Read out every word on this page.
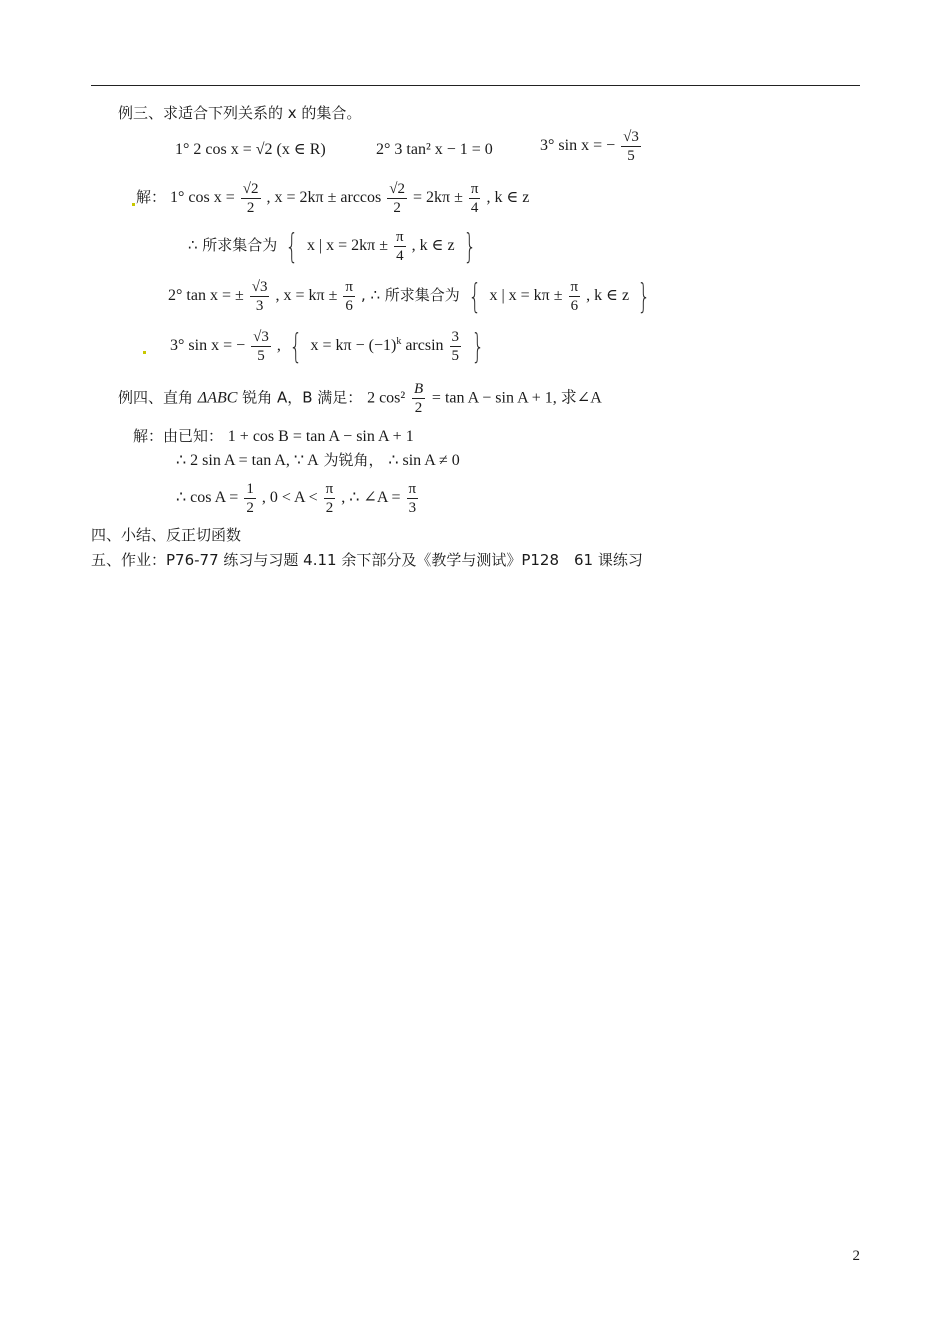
例三、求适合下列关系的 x 的集合。
1° 2 cos x = √2 (x ∈ R)	2° 3 tan² x − 1 = 0	3° sin x = − $\frac{√3}{5}$
解： 1° $\cos x = \frac{√2}{2}$ , $x = 2k\pi \pm \arccos \frac{√2}{2} = 2k\pi \pm \frac{\pi}{4}$ , k ∈ z
∴ 所求集合为 { x | $x = 2k\pi \pm \frac{\pi}{4}$ , k ∈ z }
2° tan x = ± $\frac{√3}{3}$ , $x = k\pi \pm \frac{\pi}{6}$ , ∴ 所求集合为 { x | $x = k\pi \pm \frac{\pi}{6}$ , k ∈ z }
3° sin x = − $\frac{√3}{5}$ , { $x = k\pi - (-1)^k$ $\arcsin \frac{3}{5}$ }
例四、直角 ΔABC 锐角 A，B 满足： 2 $\cos^2 \frac{B}{2} = \tan A - \sin A + 1$, 求∠A
解：由已知： 1 + cos B = tan A − sin A + 1
∴ 2 sin A = tan A, ∵ A 为锐角， ∴ sin A ≠ 0
∴ $\cos A = \frac{1}{2}$ , $0 < A < \frac{\pi}{2}$ , ∴ ∠A = $\frac{\pi}{3}$
四、小结、反正切函数
五、作业：P76-77 练习与习题 4.11 余下部分及《教学与测试》P128　61 课练习
2
